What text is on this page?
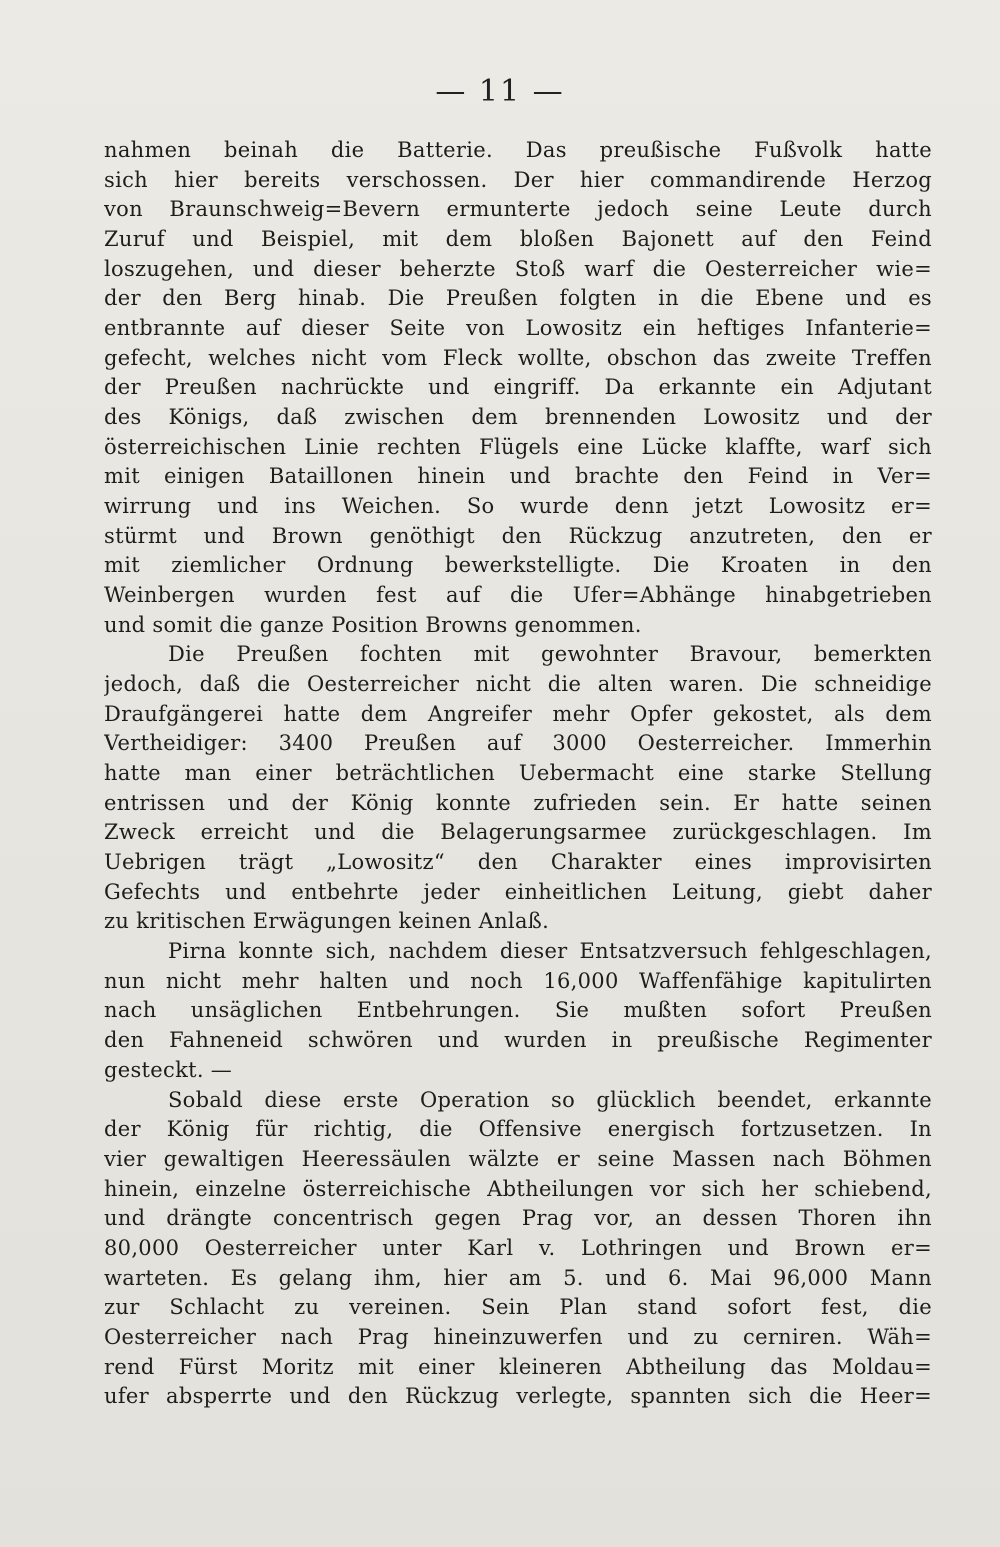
— 11 —
nahmen beinah die Batterie. Das preußische Fußvolk hatte
sich hier bereits verschossen. Der hier commandirende Herzog
von Braunschweig=Bevern ermunterte jedoch seine Leute durch
Zuruf und Beispiel, mit dem bloßen Bajonett auf den Feind
loszugehen, und dieser beherzte Stoß warf die Oesterreicher wie=
der den Berg hinab. Die Preußen folgten in die Ebene und es
entbrannte auf dieser Seite von Lowositz ein heftiges Infanterie=
gefecht, welches nicht vom Fleck wollte, obschon das zweite Treffen
der Preußen nachrückte und eingriff. Da erkannte ein Adjutant
des Königs, daß zwischen dem brennenden Lowositz und der
österreichischen Linie rechten Flügels eine Lücke klaffte, warf sich
mit einigen Bataillonen hinein und brachte den Feind in Ver=
wirrung und ins Weichen. So wurde denn jetzt Lowositz er=
stürmt und Brown genöthigt den Rückzug anzutreten, den er
mit ziemlicher Ordnung bewerkstelligte. Die Kroaten in den
Weinbergen wurden fest auf die Ufer=Abhänge hinabgetrieben
und somit die ganze Position Browns genommen.
Die Preußen fochten mit gewohnter Bravour, bemerkten
jedoch, daß die Oesterreicher nicht die alten waren. Die schneidige
Draufgängerei hatte dem Angreifer mehr Opfer gekostet, als dem
Vertheidiger: 3400 Preußen auf 3000 Oesterreicher. Immerhin
hatte man einer beträchtlichen Uebermacht eine starke Stellung
entrissen und der König konnte zufrieden sein. Er hatte seinen
Zweck erreicht und die Belagerungsarmee zurückgeschlagen. Im
Uebrigen trägt „Lowositz“ den Charakter eines improvisirten
Gefechts und entbehrte jeder einheitlichen Leitung, giebt daher
zu kritischen Erwägungen keinen Anlaß.
Pirna konnte sich, nachdem dieser Entsatzversuch fehlgeschlagen,
nun nicht mehr halten und noch 16,000 Waffenfähige kapitulirten
nach unsäglichen Entbehrungen. Sie mußten sofort Preußen
den Fahneneid schwören und wurden in preußische Regimenter
gesteckt. —
Sobald diese erste Operation so glücklich beendet, erkannte
der König für richtig, die Offensive energisch fortzusetzen. In
vier gewaltigen Heeressäulen wälzte er seine Massen nach Böhmen
hinein, einzelne österreichische Abtheilungen vor sich her schiebend,
und drängte concentrisch gegen Prag vor, an dessen Thoren ihn
80,000 Oesterreicher unter Karl v. Lothringen und Brown er=
warteten. Es gelang ihm, hier am 5. und 6. Mai 96,000 Mann
zur Schlacht zu vereinen. Sein Plan stand sofort fest, die
Oesterreicher nach Prag hineinzuwerfen und zu cerniren. Wäh=
rend Fürst Moritz mit einer kleineren Abtheilung das Moldau=
ufer absperrte und den Rückzug verlegte, spannten sich die Heer=
